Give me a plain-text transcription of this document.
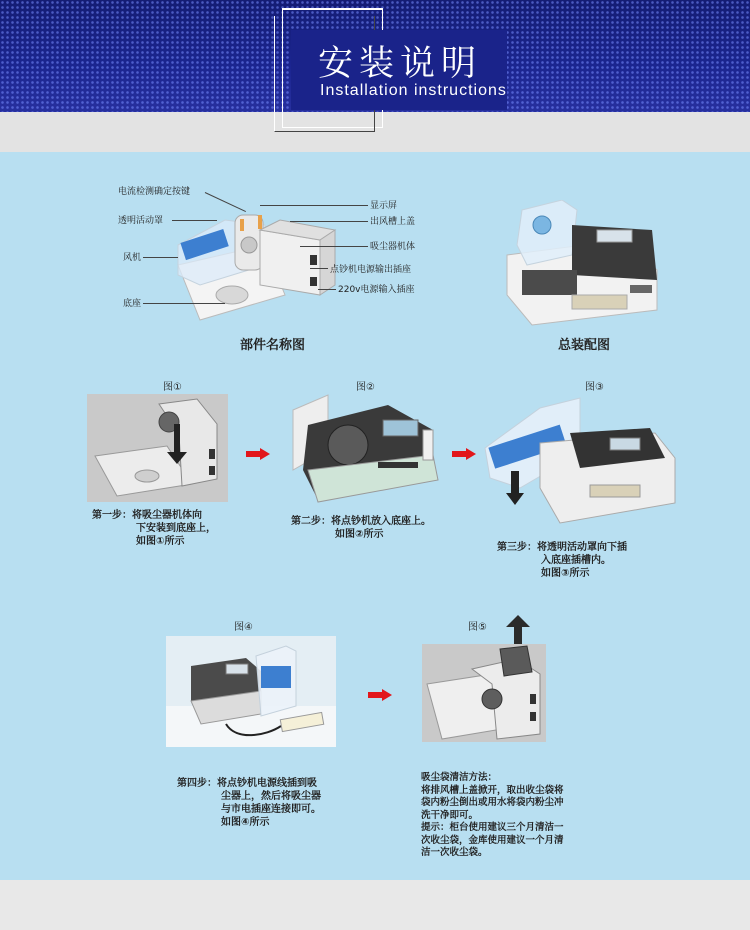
安装说明
Installation instructions
电流检测确定按键
透明活动罩
风机
底座
显示屏
出风槽上盖
吸尘器机体
点钞机电源输出插座
220v电源输入插座
部件名称图	总装配图
图①
第一步：将吸尘器机体向
下安装到底座上，
如图①所示
图②
第二步：将点钞机放入底座上。
如图②所示
图③
第三步：将透明活动罩向下插
入底座插槽内。
如图③所示
图④
第四步：将点钞机电源线插到吸
尘器上，然后将吸尘器
与市电插座连接即可。
如图④所示
图⑤
吸尘袋清洁方法：
将排风槽上盖掀开，取出收尘袋将
袋内粉尘倒出或用水将袋内粉尘冲
洗干净即可。
提示：柜台使用建议三个月清洁一
次收尘袋，金库使用建议一个月清
洁一次收尘袋。
